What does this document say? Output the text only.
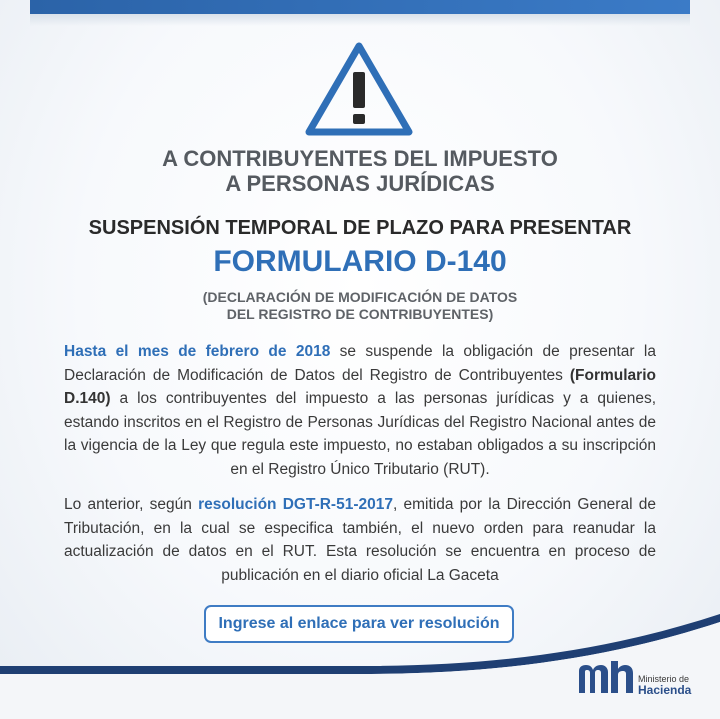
A CONTRIBUYENTES DEL IMPUESTO
A PERSONAS JURÍDICAS
SUSPENSIÓN TEMPORAL DE PLAZO PARA PRESENTAR
FORMULARIO D-140
(DECLARACIÓN DE MODIFICACIÓN DE DATOS
DEL REGISTRO DE CONTRIBUYENTES)
Hasta el mes de febrero de 2018 se suspende la obligación de presentar la Declaración de Modificación de Datos del Registro de Contribuyentes (Formulario D.140) a los contribuyentes del impuesto a las personas jurídicas y a quienes, estando inscritos en el Registro de Personas Jurídicas del Registro Nacional antes de la vigencia de la Ley que regula este impuesto, no estaban obligados a su inscripción en el Registro Único Tributario (RUT).
Lo anterior, según resolución DGT-R-51-2017, emitida por la Dirección General de Tributación, en la cual se especifica también, el nuevo orden para reanudar la actualización de datos en el RUT. Esta resolución se encuentra en proceso de publicación en el diario oficial La Gaceta
Ingrese al enlace para ver resolución
Ministerio de
Hacienda
